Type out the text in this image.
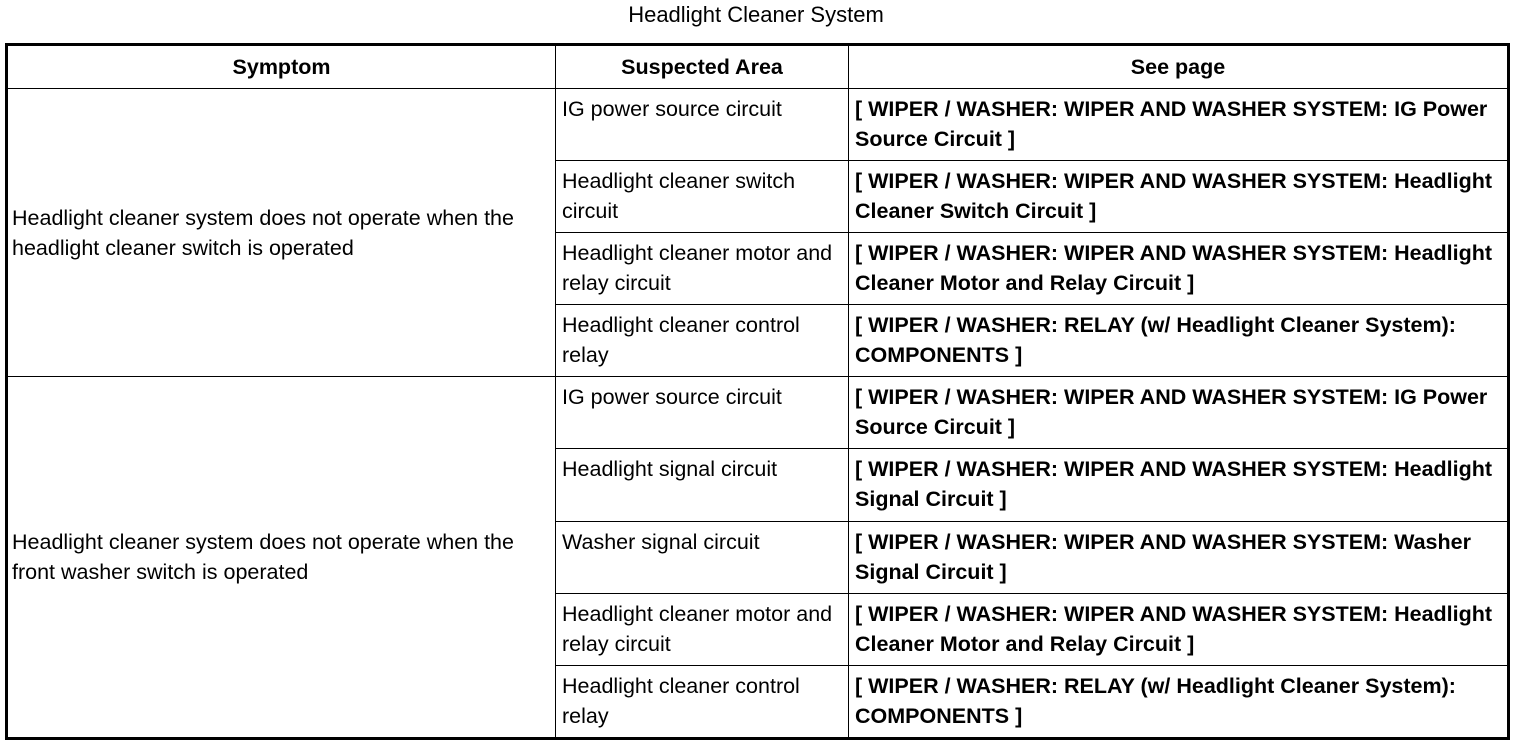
Headlight Cleaner System
Symptom	Suspected Area	See page
Headlight cleaner system does not operate when the headlight cleaner switch is operated	IG power source circuit	[ WIPER / WASHER: WIPER AND WASHER SYSTEM: IG Power Source Circuit ]
	Headlight cleaner switch circuit	[ WIPER / WASHER: WIPER AND WASHER SYSTEM: Headlight Cleaner Switch Circuit ]
	Headlight cleaner motor and relay circuit	[ WIPER / WASHER: WIPER AND WASHER SYSTEM: Headlight Cleaner Motor and Relay Circuit ]
	Headlight cleaner control relay	[ WIPER / WASHER: RELAY (w/ Headlight Cleaner System): COMPONENTS ]
Headlight cleaner system does not operate when the front washer switch is operated	IG power source circuit	[ WIPER / WASHER: WIPER AND WASHER SYSTEM: IG Power Source Circuit ]
	Headlight signal circuit	[ WIPER / WASHER: WIPER AND WASHER SYSTEM: Headlight Signal Circuit ]
	Washer signal circuit	[ WIPER / WASHER: WIPER AND WASHER SYSTEM: Washer Signal Circuit ]
	Headlight cleaner motor and relay circuit	[ WIPER / WASHER: WIPER AND WASHER SYSTEM: Headlight Cleaner Motor and Relay Circuit ]
	Headlight cleaner control relay	[ WIPER / WASHER: RELAY (w/ Headlight Cleaner System): COMPONENTS ]
